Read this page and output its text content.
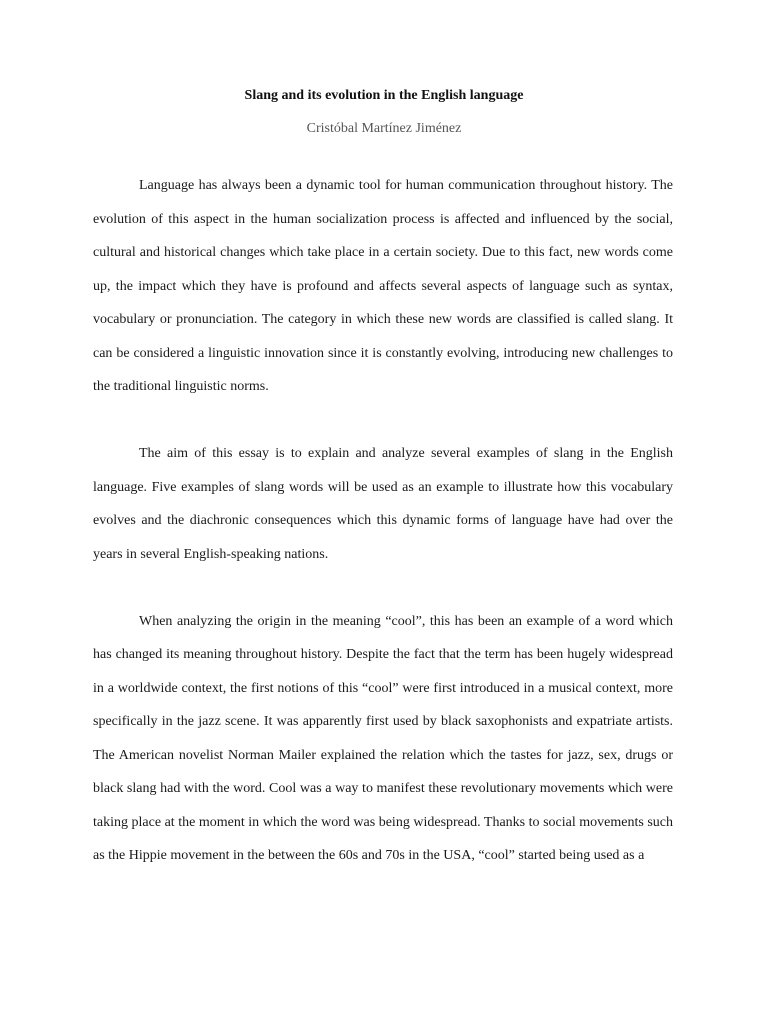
Slang and its evolution in the English language
Cristóbal Martínez Jiménez

Language has always been a dynamic tool for human communication throughout history. The evolution of this aspect in the human socialization process is affected and influenced by the social, cultural and historical changes which take place in a certain society. Due to this fact, new words come up, the impact which they have is profound and affects several aspects of language such as syntax, vocabulary or pronunciation. The category in which these new words are classified is called slang. It can be considered a linguistic innovation since it is constantly evolving, introducing new challenges to the traditional linguistic norms.

The aim of this essay is to explain and analyze several examples of slang in the English language. Five examples of slang words will be used as an example to illustrate how this vocabulary evolves and the diachronic consequences which this dynamic forms of language have had over the years in several English-speaking nations.

When analyzing the origin in the meaning “cool”, this has been an example of a word which has changed its meaning throughout history. Despite the fact that the term has been hugely widespread in a worldwide context, the first notions of this “cool” were first introduced in a musical context, more specifically in the jazz scene. It was apparently first used by black saxophonists and expatriate artists. The American novelist Norman Mailer explained the relation which the tastes for jazz, sex, drugs or black slang had with the word. Cool was a way to manifest these revolutionary movements which were taking place at the moment in which the word was being widespread. Thanks to social movements such as the Hippie movement in the between the 60s and 70s in the USA, “cool” started being used as a
